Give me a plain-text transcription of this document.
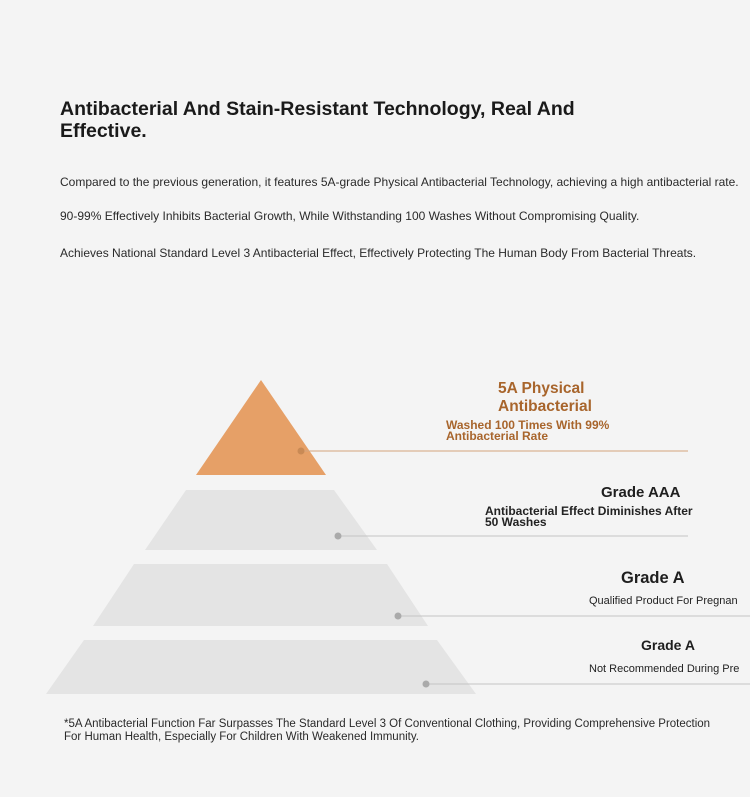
Antibacterial And Stain-Resistant Technology, Real And Effective.
Compared to the previous generation, it features 5A-grade Physical Antibacterial Technology, achieving a high antibacterial rate.
90-99% Effectively Inhibits Bacterial Growth, While Withstanding 100 Washes Without Compromising Quality.
Achieves National Standard Level 3 Antibacterial Effect, Effectively Protecting The Human Body From Bacterial Threats.
5A Physical Antibacterial
Washed 100 Times With 99% Antibacterial Rate
Grade AAA
Antibacterial Effect Diminishes After 50 Washes
Grade A
Qualified Product For Pregnan
Grade A
Not Recommended During Pre
*5A Antibacterial Function Far Surpasses The Standard Level 3 Of Conventional Clothing, Providing Comprehensive Protection For Human Health, Especially For Children With Weakened Immunity.
